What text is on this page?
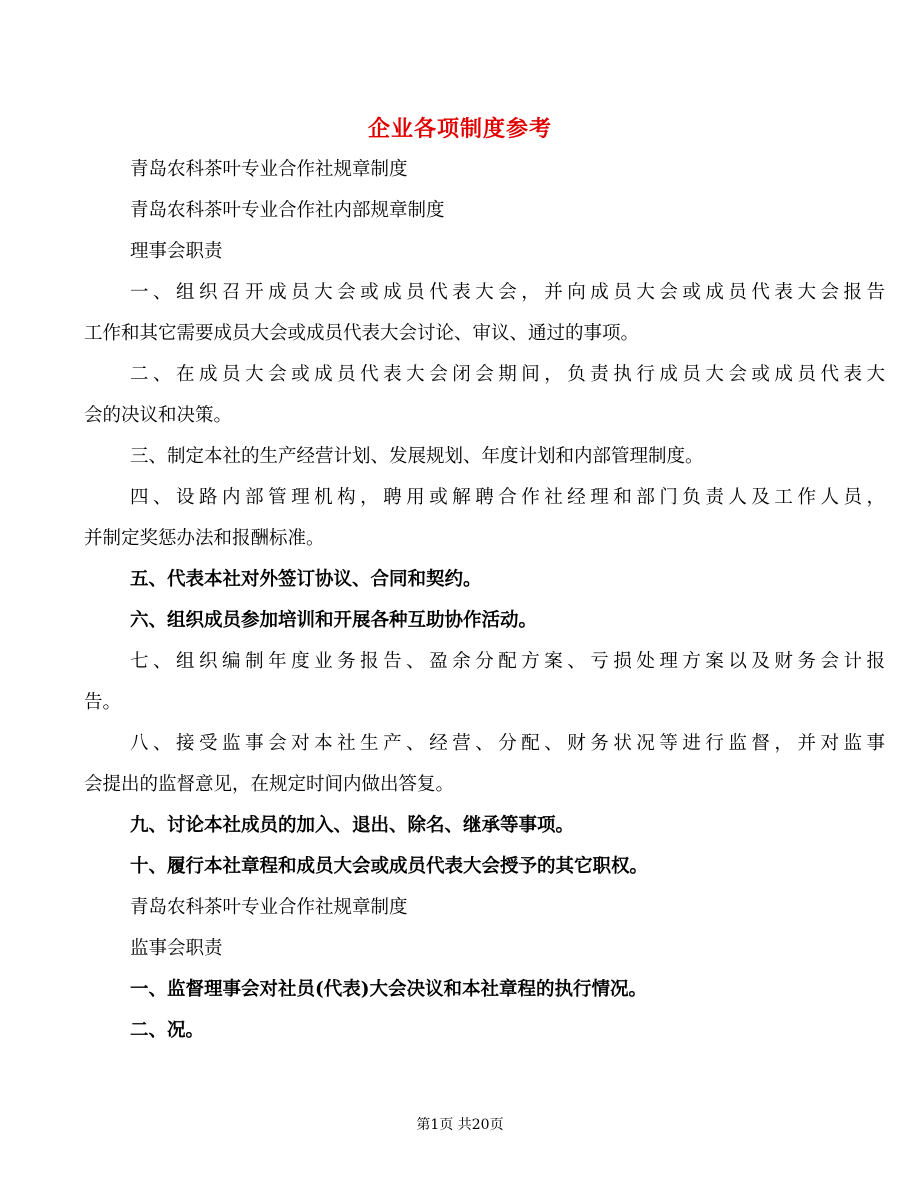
企业各项制度参考
青岛农科茶叶专业合作社规章制度
青岛农科茶叶专业合作社内部规章制度
理事会职责
一、组织召开成员大会或成员代表大会，并向成员大会或成员代表大会报告
工作和其它需要成员大会或成员代表大会讨论、审议、通过的事项。
二、在成员大会或成员代表大会闭会期间，负责执行成员大会或成员代表大
会的决议和决策。
三、制定本社的生产经营计划、发展规划、年度计划和内部管理制度。
四、设路内部管理机构，聘用或解聘合作社经理和部门负责人及工作人员，
并制定奖惩办法和报酬标准。
五、代表本社对外签订协议、合同和契约。
六、组织成员参加培训和开展各种互助协作活动。
七、组织编制年度业务报告、盈余分配方案、亏损处理方案以及财务会计报
告。
八、接受监事会对本社生产、经营、分配、财务状况等进行监督，并对监事
会提出的监督意见，在规定时间内做出答复。
九、讨论本社成员的加入、退出、除名、继承等事项。
十、履行本社章程和成员大会或成员代表大会授予的其它职权。
青岛农科茶叶专业合作社规章制度
监事会职责
一、监督理事会对社员(代表)大会决议和本社章程的执行情况。
二、况。
第1页 共20页
